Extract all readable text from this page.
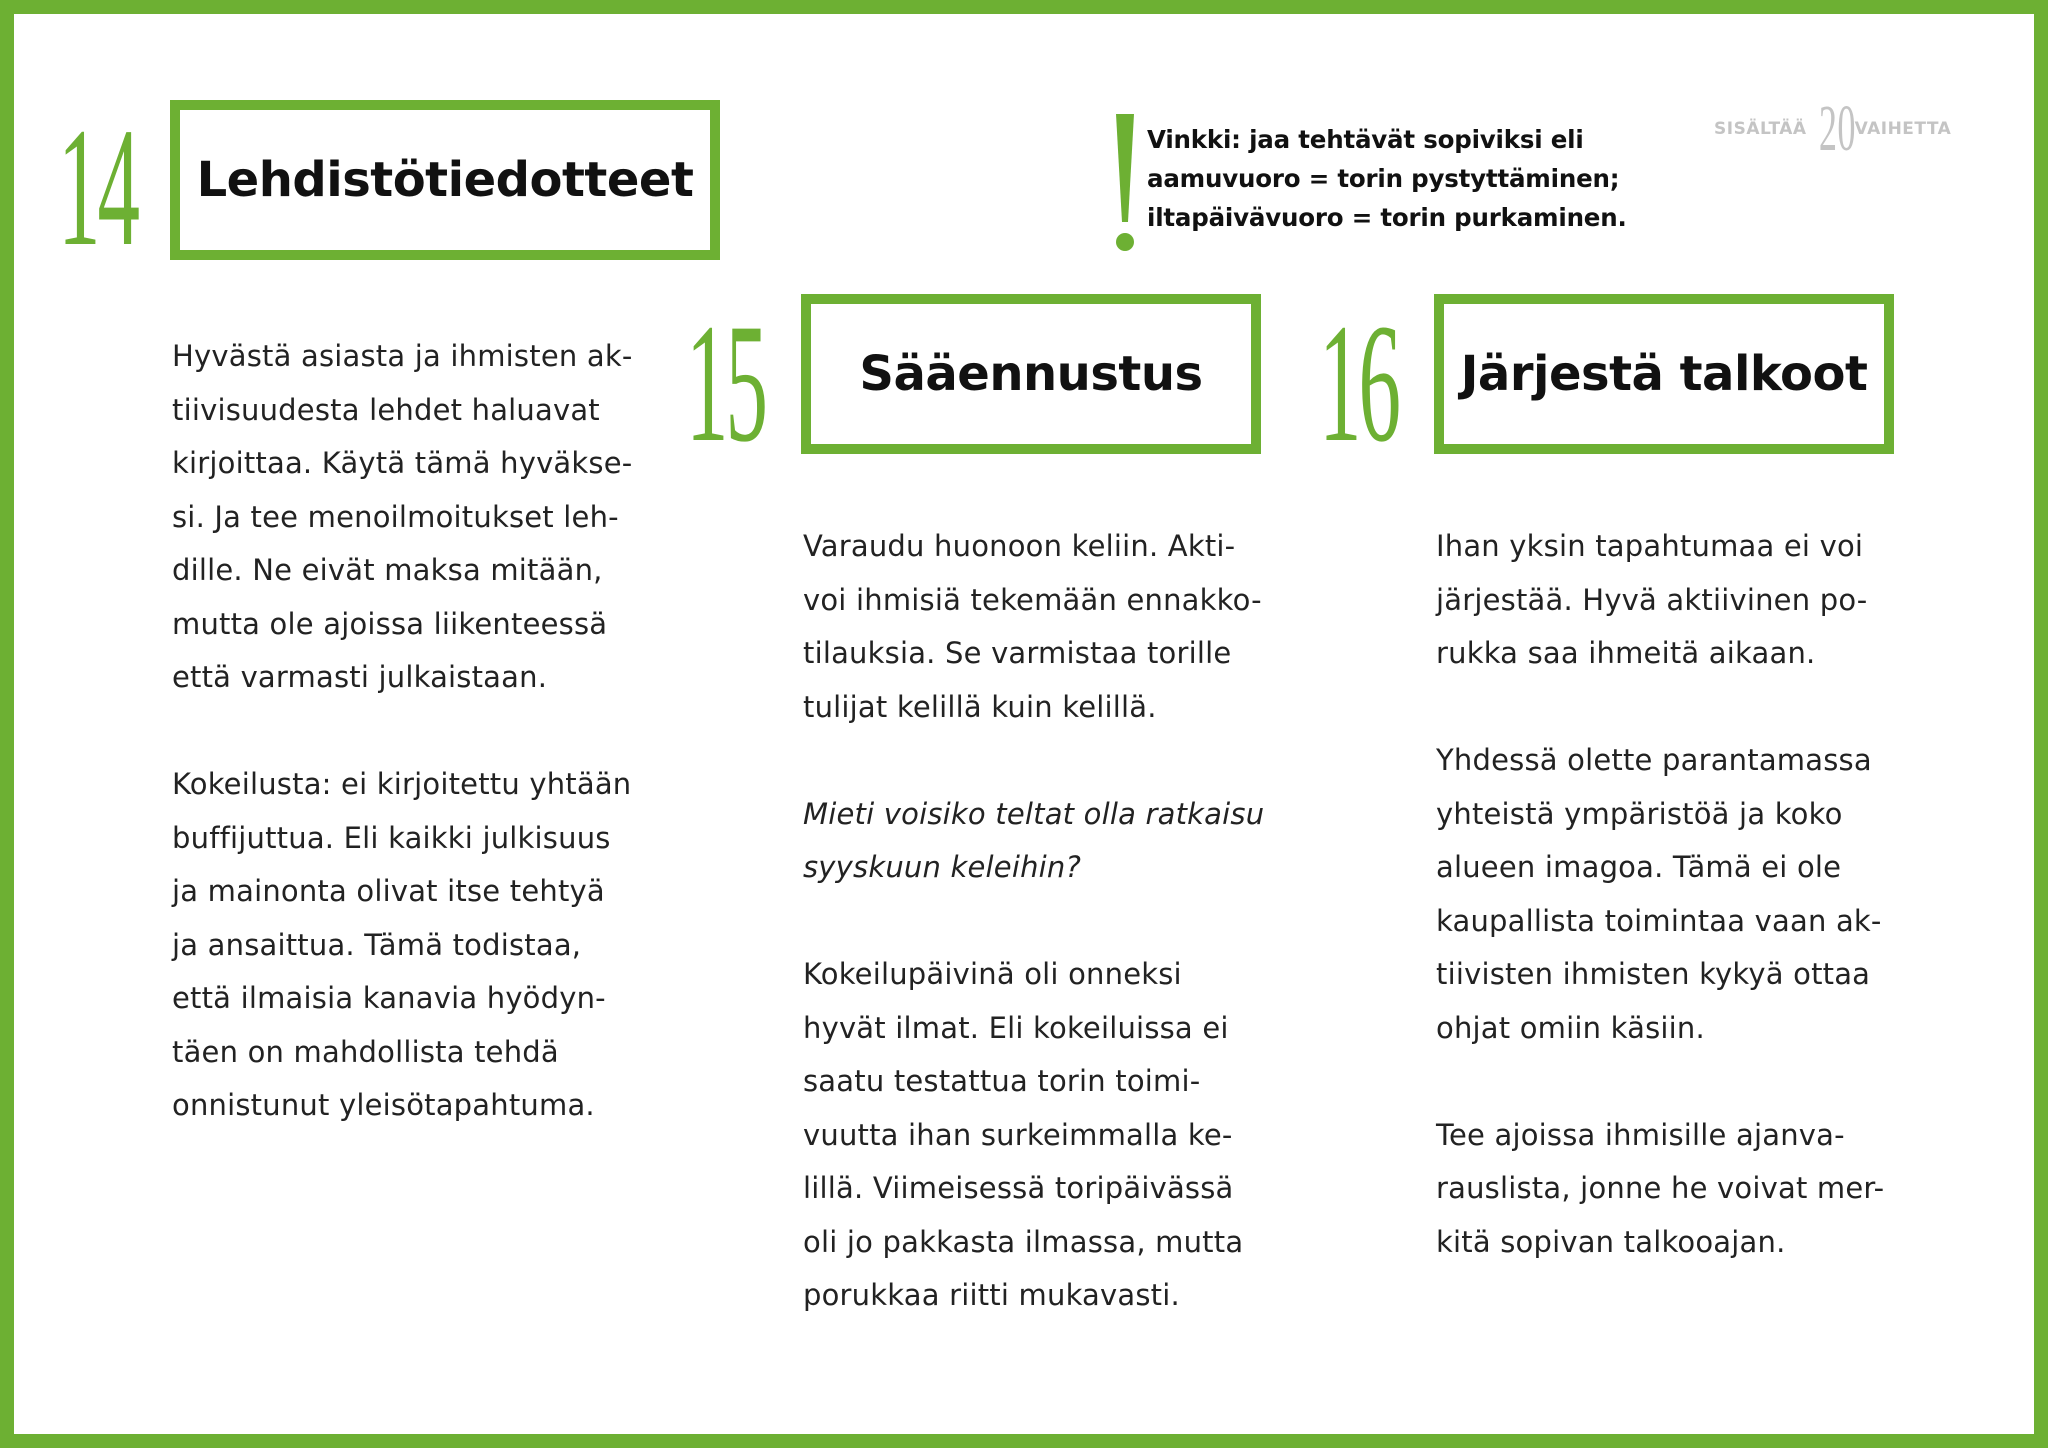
SISÄLTÄÄ 20 VAIHETTA

Vinkki: jaa tehtävät sopiviksi eli

aamuvuoro = torin pystyttäminen;

iltapäivävuoro = torin purkaminen.

14	Lehdistötiedotteet

Hyvästä asiasta ja ihmisten ak-

tiivisuudesta lehdet haluavat

kirjoittaa. Käytä tämä hyväkse-

si. Ja tee menoilmoitukset leh-

dille. Ne eivät maksa mitään,

mutta ole ajoissa liikenteessä

että varmasti julkaistaan.

Kokeilusta: ei kirjoitettu yhtään

buffijuttua. Eli kaikki julkisuus

ja mainonta olivat itse tehtyä

ja ansaittua. Tämä todistaa,

että ilmaisia kanavia hyödyn-

täen on mahdollista tehdä

onnistunut yleisötapahtuma.

15	Sääennustus

Varaudu huonoon keliin. Akti-

voi ihmisiä tekemään ennakko-

tilauksia. Se varmistaa torille

tulijat kelillä kuin kelillä.

Mieti voisiko teltat olla ratkaisu

syyskuun keleihin?

Kokeilupäivinä oli onneksi

hyvät ilmat. Eli kokeiluissa ei

saatu testattua torin toimi-

vuutta ihan surkeimmalla ke-

lillä. Viimeisessä toripäivässä

oli jo pakkasta ilmassa, mutta

porukkaa riitti mukavasti.

16	Järjestä talkoot

Ihan yksin tapahtumaa ei voi

järjestää. Hyvä aktiivinen po-

rukka saa ihmeitä aikaan.

Yhdessä olette parantamassa

yhteistä ympäristöä ja koko

alueen imagoa. Tämä ei ole

kaupallista toimintaa vaan ak-

tiivisten ihmisten kykyä ottaa

ohjat omiin käsiin.

Tee ajoissa ihmisille ajanva-

rauslista, jonne he voivat mer-

kitä sopivan talkooajan.
